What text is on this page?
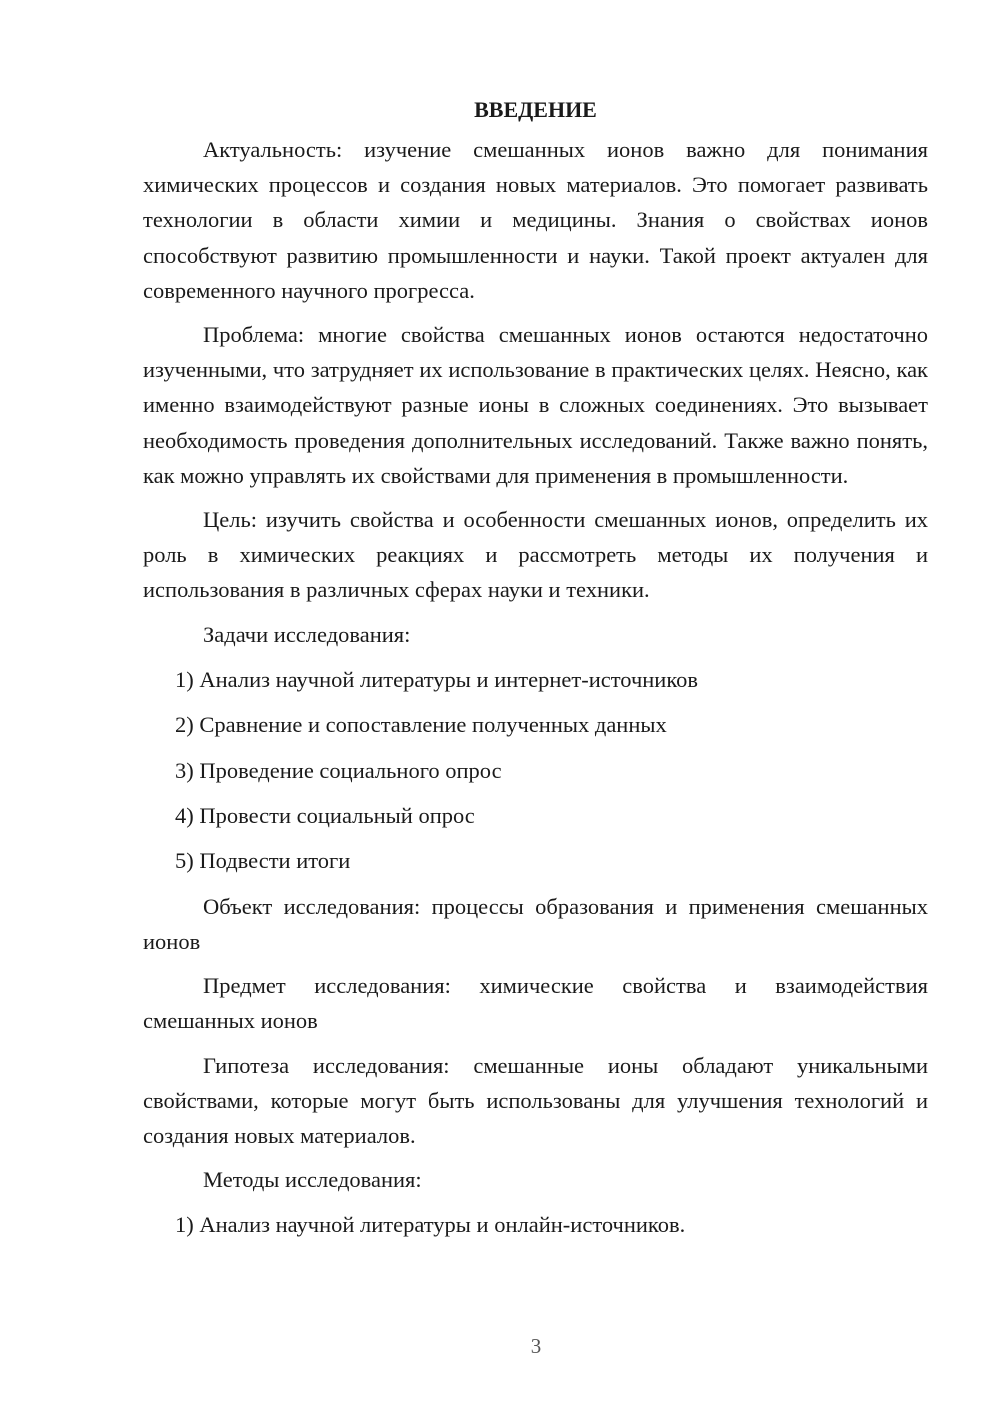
ВВЕДЕНИЕ

Актуальность: изучение смешанных ионов важно для понимания химических процессов и создания новых материалов. Это помогает развивать технологии в области химии и медицины. Знания о свойствах ионов способствуют развитию промышленности и науки. Такой проект актуален для современного научного прогресса.

Проблема: многие свойства смешанных ионов остаются недостаточно изученными, что затрудняет их использование в практических целях. Неясно, как именно взаимодействуют разные ионы в сложных соединениях. Это вызывает необходимость проведения дополнительных исследований. Также важно понять, как можно управлять их свойствами для применения в промышленности.

Цель: изучить свойства и особенности смешанных ионов, определить их роль в химических реакциях и рассмотреть методы их получения и использования в различных сферах науки и техники.

Задачи исследования:

1) Анализ научной литературы и интернет-источников

2) Сравнение и сопоставление полученных данных

3) Проведение социального опрос

4) Провести социальный опрос

5) Подвести итоги

Объект исследования: процессы образования и применения смешанных ионов

Предмет исследования: химические свойства и взаимодействия смешанных ионов

Гипотеза исследования: смешанные ионы обладают уникальными свойствами, которые могут быть использованы для улучшения технологий и создания новых материалов.

Методы исследования:

1) Анализ научной литературы и онлайн-источников.

3
